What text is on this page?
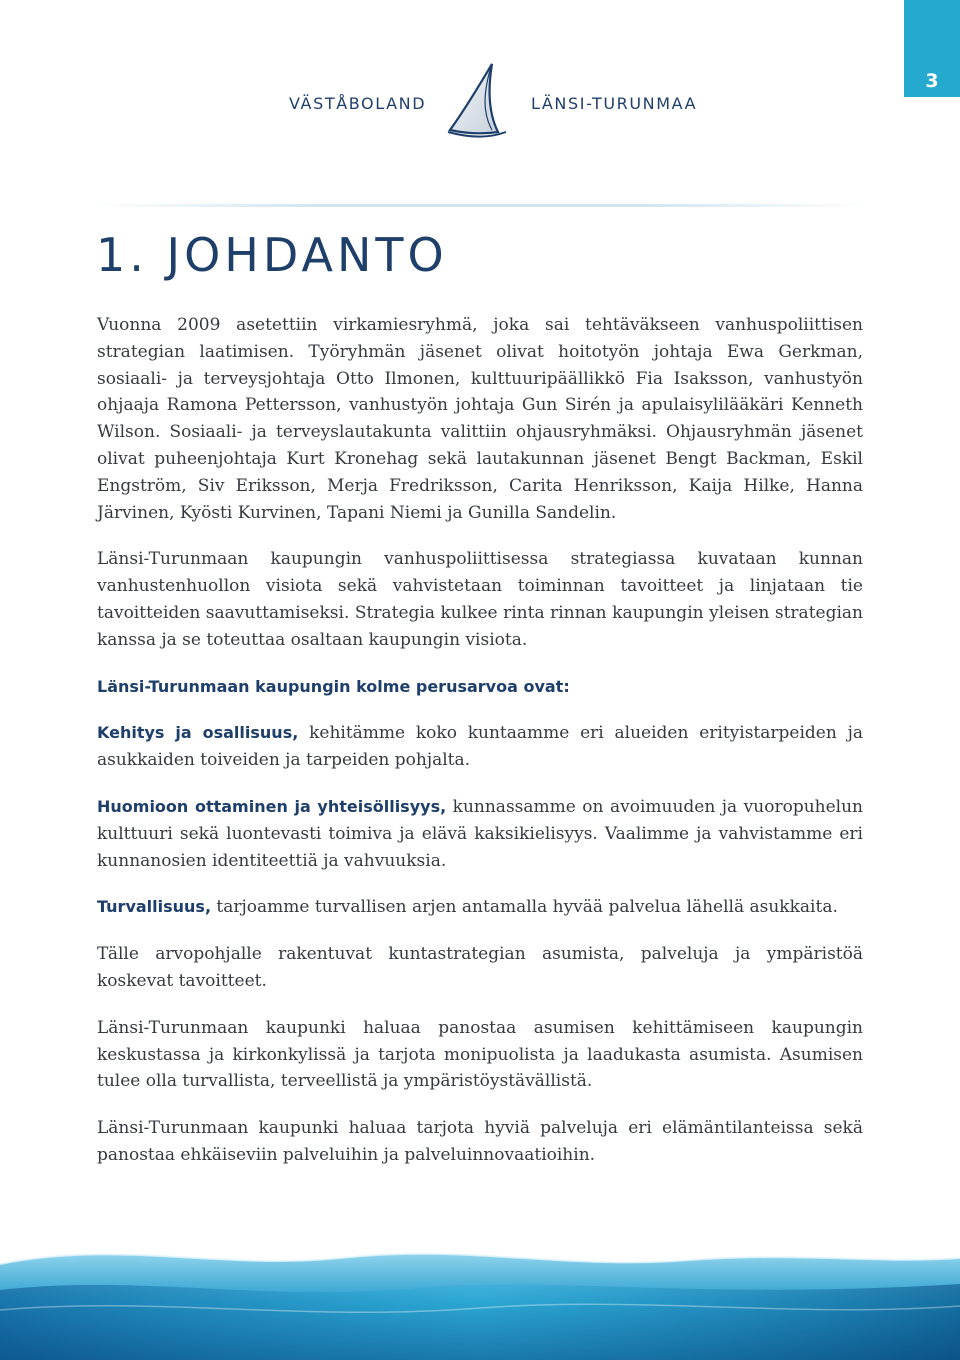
3
VÄSTÅBOLAND	LÄNSI-TURUNMAA
1. JOHDANTO

Vuonna 2009 asetettiin virkamiesryhmä, joka sai tehtäväkseen vanhuspoliittisen strategian laatimisen. Työryhmän jäsenet olivat hoitotyön johtaja Ewa Gerkman, sosiaali- ja terveysjohtaja Otto Ilmonen, kulttuuripäällikkö Fia Isaksson, vanhustyön ohjaaja Ramona Pettersson, vanhustyön johtaja Gun Sirén ja apulaisylilääkäri Kenneth Wilson. Sosiaali- ja terveyslautakunta valittiin ohjausryhmäksi. Ohjausryhmän jäsenet olivat puheenjohtaja Kurt Kronehag sekä lautakunnan jäsenet Bengt Backman, Eskil Engström, Siv Eriksson, Merja Fredriksson, Carita Henriksson, Kaija Hilke, Hanna Järvinen, Kyösti Kurvinen, Tapani Niemi ja Gunilla Sandelin.

Länsi-Turunmaan kaupungin vanhuspoliittisessa strategiassa kuvataan kunnan vanhustenhuollon visiota sekä vahvistetaan toiminnan tavoitteet ja linjataan tie tavoitteiden saavuttamiseksi. Strategia kulkee rinta rinnan kaupungin yleisen strategian kanssa ja se toteuttaa osaltaan kaupungin visiota.

Länsi-Turunmaan kaupungin kolme perusarvoa ovat:

Kehitys ja osallisuus, kehitämme koko kuntaamme eri alueiden erityistarpeiden ja asukkaiden toiveiden ja tarpeiden pohjalta.

Huomioon ottaminen ja yhteisöllisyys, kunnassamme on avoimuuden ja vuoropuhelun kulttuuri sekä luontevasti toimiva ja elävä kaksikielisyys. Vaalimme ja vahvistamme eri kunnanosien identiteettiä ja vahvuuksia.

Turvallisuus, tarjoamme turvallisen arjen antamalla hyvää palvelua lähellä asukkaita.

Tälle arvopohjalle rakentuvat kuntastrategian asumista, palveluja ja ympäristöä koskevat tavoitteet.

Länsi-Turunmaan kaupunki haluaa panostaa asumisen kehittämiseen kaupungin keskustassa ja kirkonkylissä ja tarjota monipuolista ja laadukasta asumista. Asumisen tulee olla turvallista, terveellistä ja ympäristöystävällistä.

Länsi-Turunmaan kaupunki haluaa tarjota hyviä palveluja eri elämäntilanteissa sekä panostaa ehkäiseviin palveluihin ja palveluinnovaatioihin.
